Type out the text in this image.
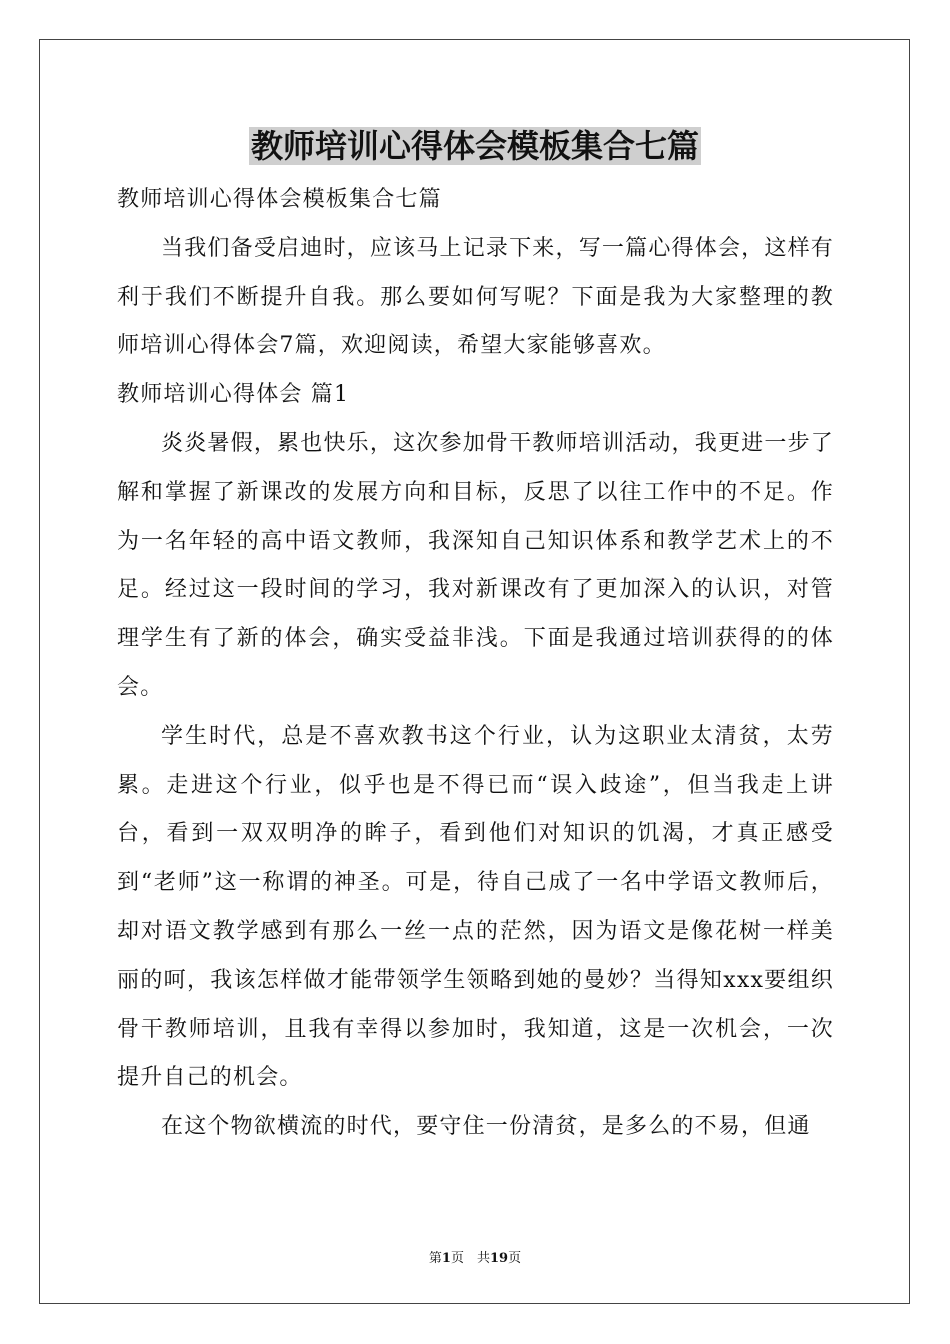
教师培训心得体会模板集合七篇

教师培训心得体会模板集合七篇

当我们备受启迪时，应该马上记录下来，写一篇心得体会，这样有利于我们不断提升自我。那么要如何写呢？下面是我为大家整理的教师培训心得体会7篇，欢迎阅读，希望大家能够喜欢。

教师培训心得体会 篇1

炎炎暑假，累也快乐，这次参加骨干教师培训活动，我更进一步了解和掌握了新课改的发展方向和目标，反思了以往工作中的不足。作为一名年轻的高中语文教师，我深知自己知识体系和教学艺术上的不足。经过这一段时间的学习，我对新课改有了更加深入的认识，对管理学生有了新的体会，确实受益非浅。下面是我通过培训获得的的体会。

学生时代，总是不喜欢教书这个行业，认为这职业太清贫，太劳累。走进这个行业，似乎也是不得已而“误入歧途”，但当我走上讲台，看到一双双明净的眸子，看到他们对知识的饥渴，才真正感受到“老师”这一称谓的神圣。可是，待自己成了一名中学语文教师后，却对语文教学感到有那么一丝一点的茫然，因为语文是像花树一样美丽的呵，我该怎样做才能带领学生领略到她的曼妙？当得知xxx要组织骨干教师培训，且我有幸得以参加时，我知道，这是一次机会，一次提升自己的机会。

在这个物欲横流的时代，要守住一份清贫，是多么的不易，但通

第1页　共19页
